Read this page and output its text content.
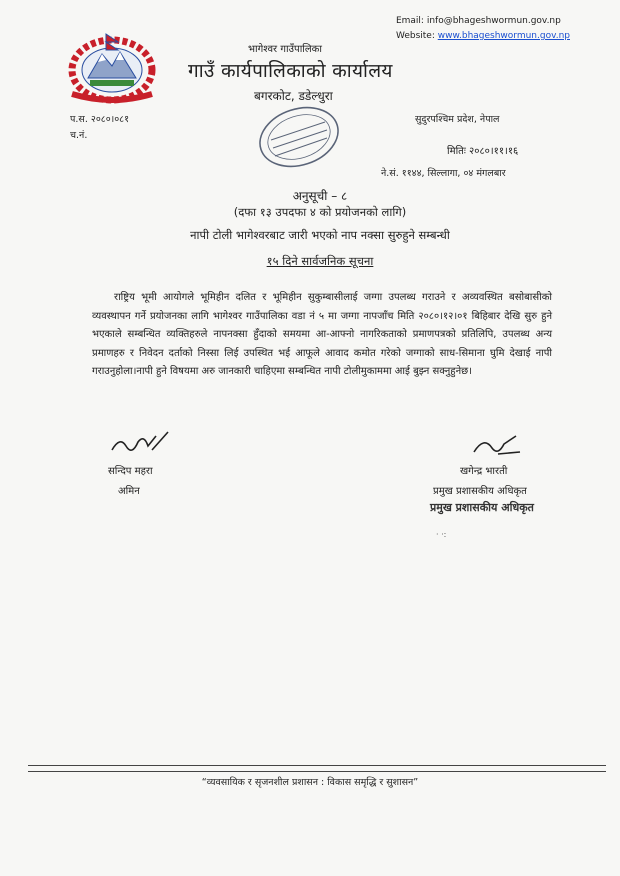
Email: info@bhageshwormun.gov.np
Website: www.bhageshwormun.gov.np
भागेश्वर गाउँपालिका
गाउँ कार्यपालिकाको कार्यालय
बगरकोट, डडेल्धुरा
प.स. २०८०।०८१
च.नं.
सुदुरपश्चिम प्रदेश, नेपाल
मितिः २०८०।११।१६
ने.सं. ११४४, सिल्लागा, ०४ मंगलबार
अनुसूची – ८
(दफा १३ उपदफा ४ को प्रयोजनको लागि)
नापी टोली भागेश्वरबाट जारी भएको नाप नक्सा सुरुहुने सम्बन्धी
१५ दिने सार्वजनिक सूचना
राष्ट्रिय भूमी आयोगले भूमिहीन दलित र भूमिहीन सुकुम्बासीलाई जग्गा उपलब्ध गराउने र अव्यवस्थित बसोबासीको व्यवस्थापन गर्ने प्रयोजनका लागि भागेश्वर गाउँपालिका वडा नं ५ मा जग्गा नापजाँच मिति २०८०।१२।०१ बिहिबार देखि सुरु हुने भएकाले सम्बन्धित व्यक्तिहरुले नापनक्सा हुँदाको समयमा आ-आफ्नो नागरिकताको प्रमाणपत्रको प्रतिलिपि, उपलब्ध अन्य प्रमाणहरु र निवेदन दर्ताको निस्सा लिई उपस्थित भई आफूले आवाद कमोत गरेको जग्गाको साध-सिमाना घुमि देखाई नापी गराउनुहोला।नापी हुने विषयमा अरु जानकारी चाहिएमा सम्बन्धित नापी टोलीमुकाममा आई बुझ्न सक्नुहुनेछ।
सन्दिप महरा
अमिन
खगेन्द्र भारती
प्रमुख प्रशासकीय अधिकृत
प्रमुख प्रशासकीय अधिकृत
· ·:
“व्यवसायिक र सृजनशील प्रशासन : विकास समृद्धि र सुशासन”
